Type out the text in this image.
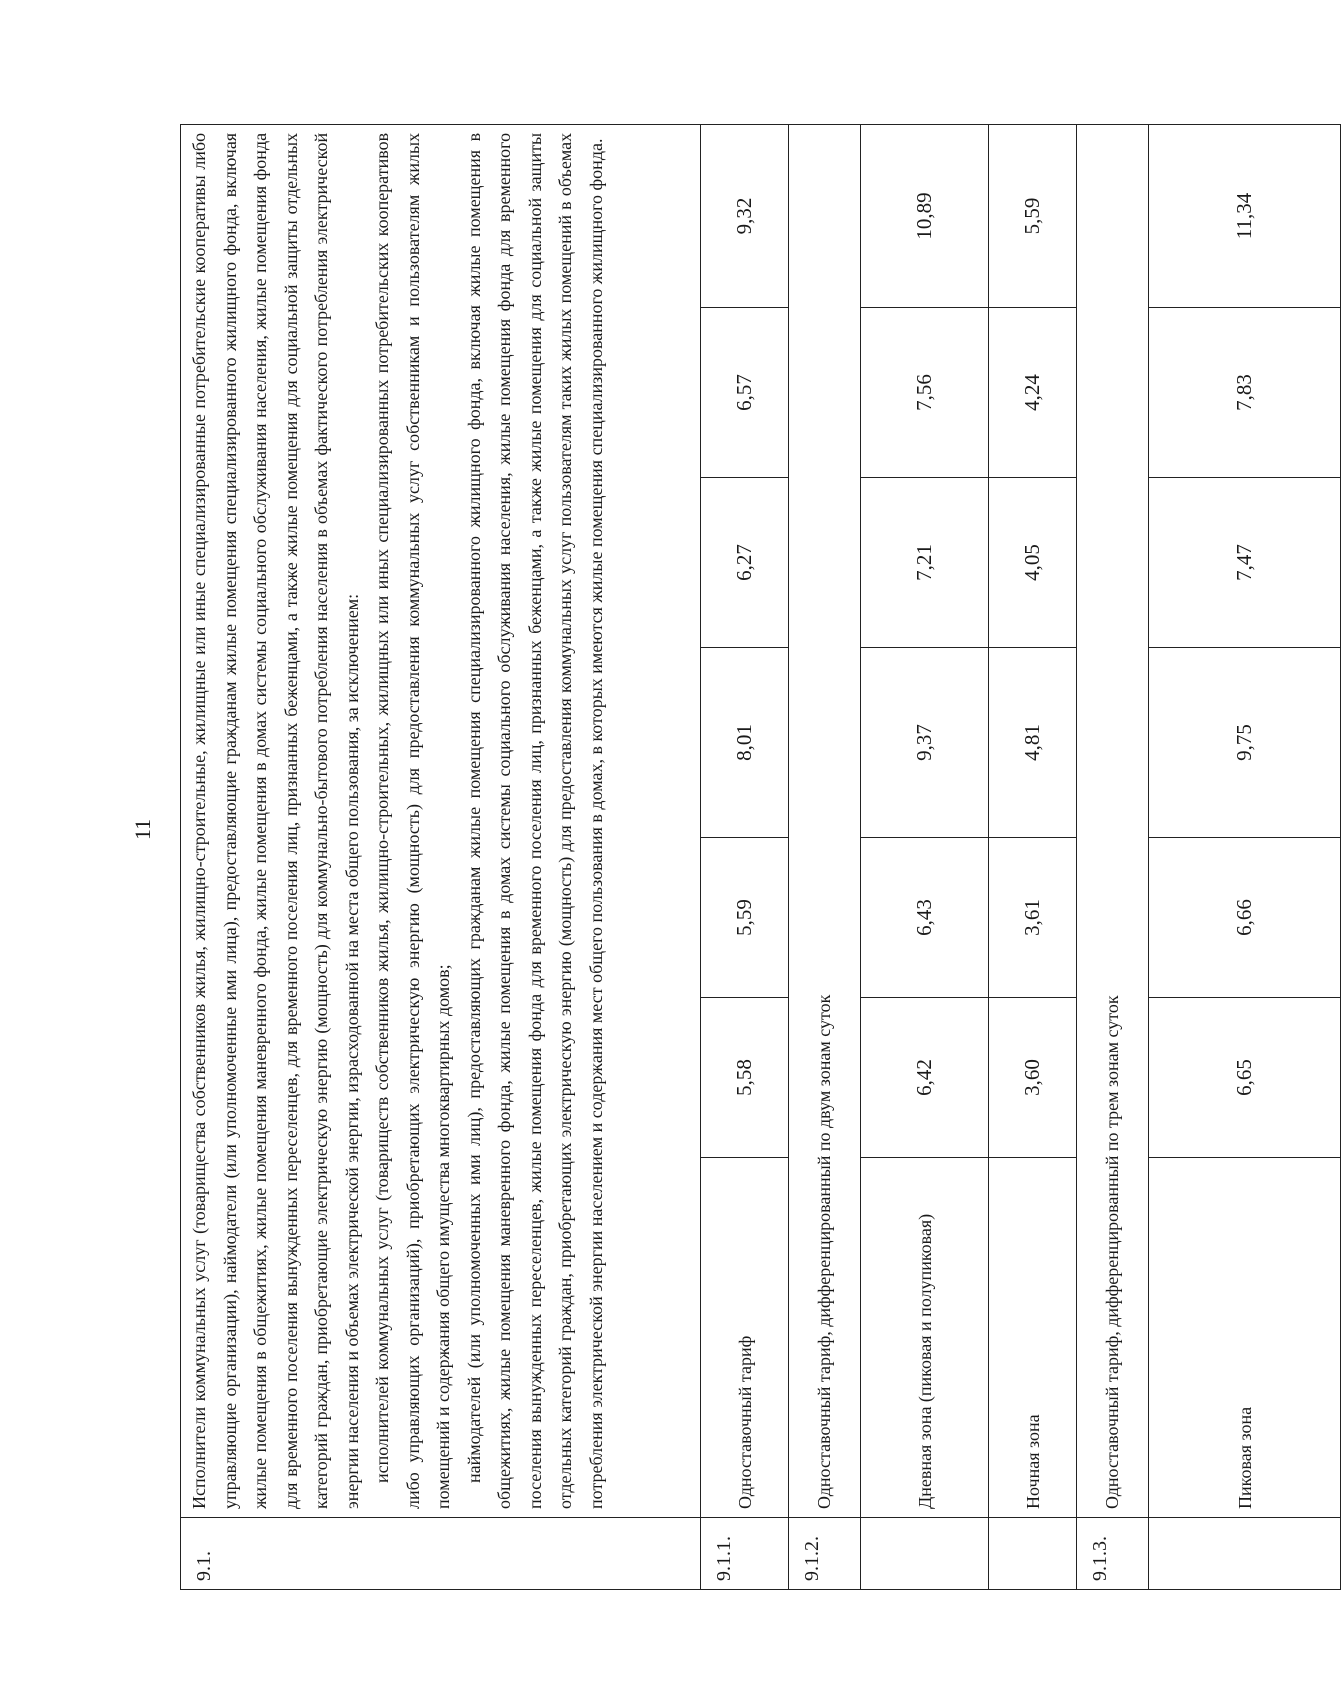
11
9.1.	Исполнители коммунальных услуг (товарищества собственников жилья, жилищно-строительные, жилищные или иные специализированные потребительские кооперативы либо управляющие организации), наймодатели (или уполномоченные ими лица), предоставляющие гражданам жилые помещения специализированного жилищного фонда, включая жилые помещения в общежитиях, жилые помещения маневренного фонда, жилые помещения в домах системы социального обслуживания населения, жилые помещения фонда для временного поселения вынужденных переселенцев, для временного поселения лиц, признанных беженцами, а также жилые помещения для социальной защиты отдельных категорий граждан, приобретающие электрическую энергию (мощность) для коммунально-бытового потребления населения в объемах фактического потребления электрической энергии населения и объемах электрической энергии, израсходованной на места общего пользования, за исключением: исполнителей коммунальных услуг (товариществ собственников жилья, жилищно-строительных, жилищных или иных специализированных потребительских кооперативов либо управляющих организаций), приобретающих электрическую энергию (мощность) для предоставления коммунальных услуг собственникам и пользователям жилых помещений и содержания общего имущества многоквартирных домов; наймодателей (или уполномоченных ими лиц), предоставляющих гражданам жилые помещения специализированного жилищного фонда, включая жилые помещения в общежитиях, жилые помещения маневренного фонда, жилые помещения в домах системы социального обслуживания населения, жилые помещения фонда для временного поселения вынужденных переселенцев, жилые помещения фонда для временного поселения лиц, признанных беженцами, а также жилые помещения для социальной защиты отдельных категорий граждан, приобретающих электрическую энергию (мощность) для предоставления коммунальных услуг пользователям таких жилых помещений в объемах потребления электрической энергии населением и содержания мест общего пользования в домах, в которых имеются жилые помещения специализированного жилищного фонда.						

9.1.1.	Одноставочный тариф	5,58	5,59	8,01	6,27	6,57	9,32
9.1.2.	Одноставочный тариф, дифференцированный по двум зонам суток						
	Дневная зона (пиковая и полупиковая)	6,42	6,43	9,37	7,21	7,56	10,89
	Ночная зона	3,60	3,61	4,81	4,05	4,24	5,59
9.1.3.	Одноставочный тариф, дифференцированный по трем зонам суток						
	Пиковая зона	6,65	6,66	9,75	7,47	7,83	11,34
